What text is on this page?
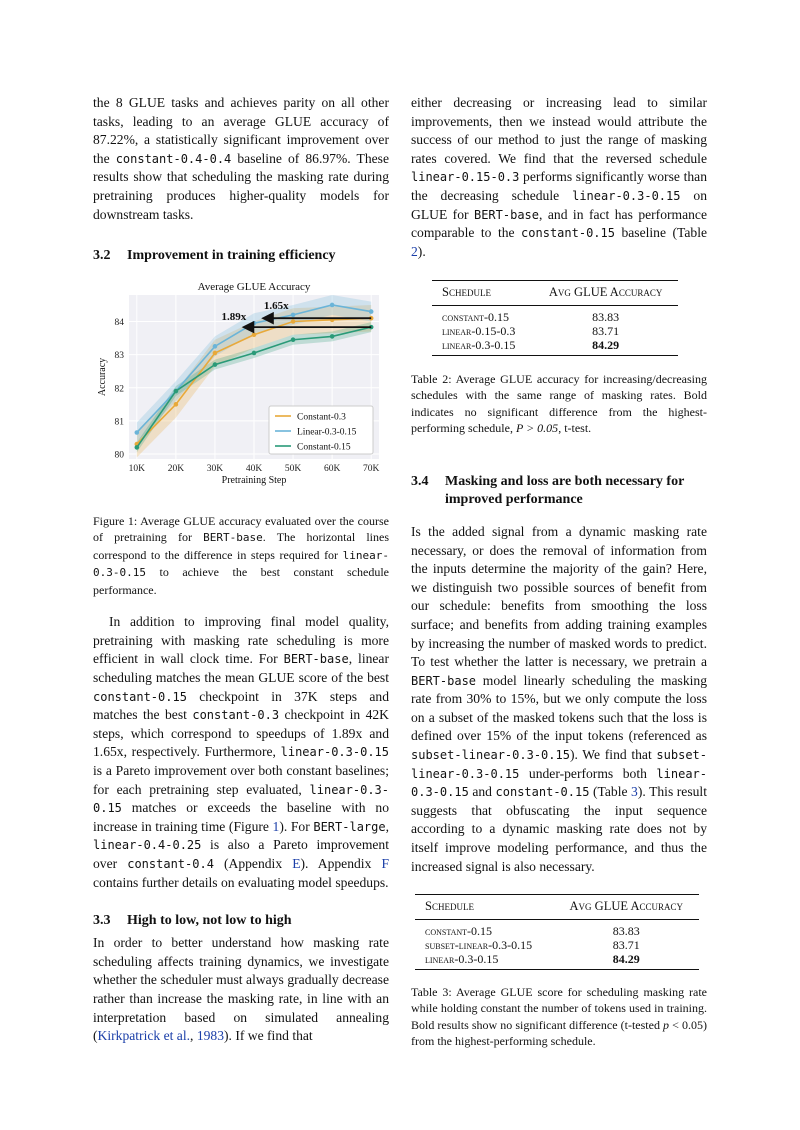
the 8 GLUE tasks and achieves parity on all other tasks, leading to an average GLUE accuracy of 87.22%, a statistically significant improvement over the constant-0.4-0.4 baseline of 86.97%. These results show that scheduling the masking rate during pretraining produces higher-quality models for downstream tasks.

3.2 Improvement in training efficiency
10K 20K 30K 40K 50K 60K 70K
80
81
82
83
84
Average GLUE Accuracy
Pretraining Step
Accuracy
1.89x
1.65x
Constant-0.3
Linear-0.3-0.15
Constant-0.15

Figure 1: Average GLUE accuracy evaluated over the course of pretraining for BERT-base. The horizontal lines correspond to the difference in steps required for linear-0.3-0.15 to achieve the best constant schedule performance.

In addition to improving final model quality, pretraining with masking rate scheduling is more efficient in wall clock time. For BERT-base, linear scheduling matches the mean GLUE score of the best constant-0.15 checkpoint in 37K steps and matches the best constant-0.3 checkpoint in 42K steps, which correspond to speedups of 1.89x and 1.65x, respectively. Furthermore, linear-0.3-0.15 is a Pareto improvement over both constant baselines; for each pretraining step evaluated, linear-0.3-0.15 matches or exceeds the baseline with no increase in training time (Figure 1). For BERT-large, linear-0.4-0.25 is also a Pareto improvement over constant-0.4 (Appendix E). Appendix F contains further details on evaluating model speedups.

3.3 High to low, not low to high

In order to better understand how masking rate scheduling affects training dynamics, we investigate whether the scheduler must always gradually decrease rather than increase the masking rate, in line with an interpretation based on simulated annealing (Kirkpatrick et al., 1983). If we find that

either decreasing or increasing lead to similar improvements, then we instead would attribute the success of our method to just the range of masking rates covered. We find that the reversed schedule linear-0.15-0.3 performs significantly worse than the decreasing schedule linear-0.3-0.15 on GLUE for BERT-base, and in fact has performance comparable to the constant-0.15 baseline (Table 2).

Schedule	Avg GLUE Accuracy
constant-0.15	83.83
linear-0.15-0.3	83.71
linear-0.3-0.15	84.29

Table 2: Average GLUE accuracy for increasing/decreasing schedules with the same range of masking rates. Bold indicates no significant difference from the highest-performing schedule, P > 0.05, t-test.

3.4	Masking and loss are both necessary for improved performance

Is the added signal from a dynamic masking rate necessary, or does the removal of information from the inputs determine the majority of the gain? Here, we distinguish two possible sources of benefit from our schedule: benefits from smoothing the loss surface; and benefits from adding training examples by increasing the number of masked words to predict. To test whether the latter is necessary, we pretrain a BERT-base model linearly scheduling the masking rate from 30% to 15%, but we only compute the loss on a subset of the masked tokens such that the loss is defined over 15% of the input tokens (referenced as subset-linear-0.3-0.15). We find that subset-linear-0.3-0.15 under-performs both linear-0.3-0.15 and constant-0.15 (Table 3). This result suggests that obfuscating the input sequence according to a dynamic masking rate does not by itself improve modeling performance, and thus the increased signal is also necessary.

Schedule	Avg GLUE Accuracy
constant-0.15	83.83
subset-linear-0.3-0.15	83.71
linear-0.3-0.15	84.29

Table 3: Average GLUE score for scheduling masking rate while holding constant the number of tokens used in training. Bold results show no significant difference (t-tested p < 0.05) from the highest-performing schedule.
